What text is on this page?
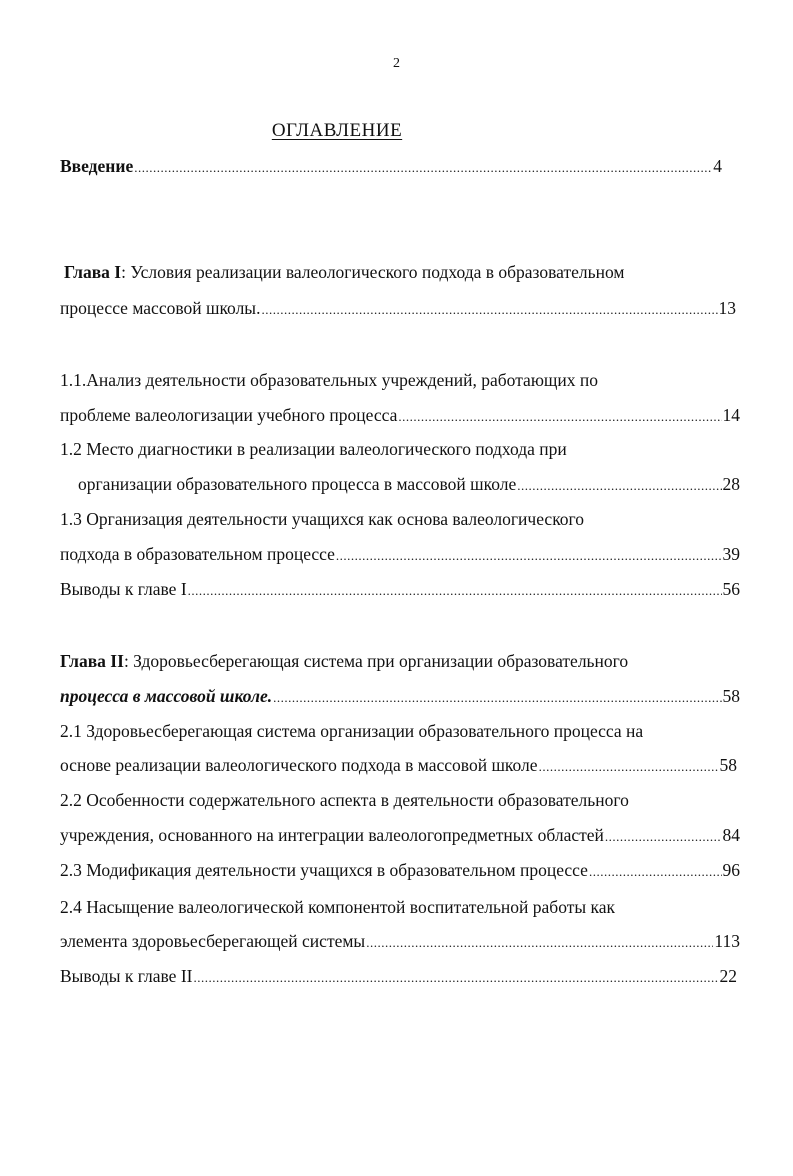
2
ОГЛАВЛЕНИЕ
Введение .....	4
Глава I: Условия реализации валеологического подхода в образовательном
процессе массовой школы. .....	13
1.1.Анализ деятельности образовательных учреждений, работающих по
проблеме валеологизации учебного процесса .....	14
1.2 Место диагностики в реализации валеологического подхода при
организации образовательного процесса в массовой школе .....	28
1.3 Организация деятельности учащихся как основа валеологического
подхода в образовательном процессе .....	39
Выводы к главе I .....	56
Глава II: Здоровьесберегающая система при организации образовательного
процесса в массовой школе. .....	58
2.1 Здоровьесберегающая система организации образовательного процесса на
основе реализации валеологического подхода в массовой школе .....	58
2.2 Особенности содержательного аспекта в деятельности образовательного
учреждения, основанного на интеграции валеологопредметных областей .....	84
2.3 Модификация деятельности учащихся в образовательном процессе .....	96
2.4 Насыщение валеологической компонентой воспитательной работы как
элемента здоровьесберегающей системы .....	113
Выводы к главе II .....	22
